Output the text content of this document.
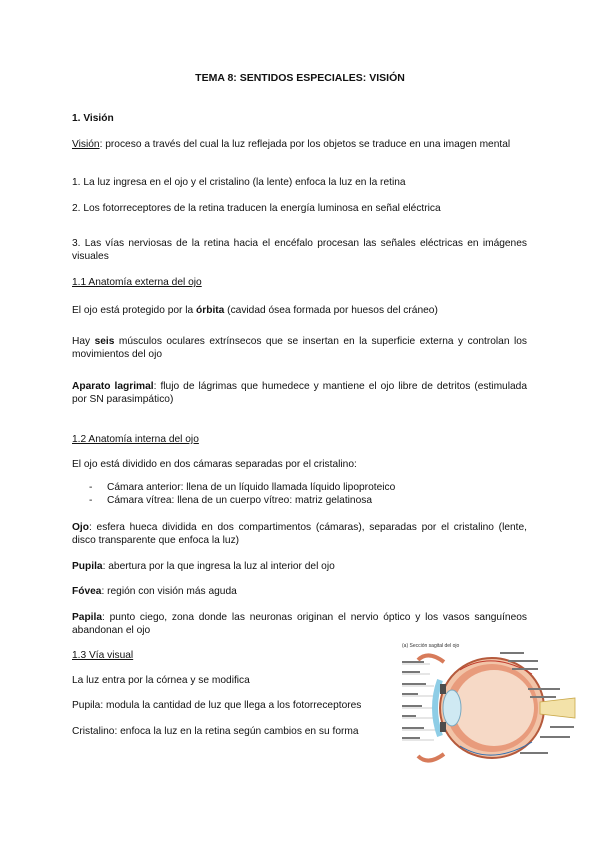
TEMA 8: SENTIDOS ESPECIALES: VISIÓN
1. Visión
Visión: proceso a través del cual la luz reflejada por los objetos se traduce en una imagen mental
1. La luz ingresa en el ojo y el cristalino (la lente) enfoca la luz en la retina
2. Los fotorreceptores de la retina traducen la energía luminosa en señal eléctrica
3. Las vías nerviosas de la retina hacia el encéfalo procesan las señales eléctricas en imágenes visuales
1.1 Anatomía externa del ojo
El ojo está protegido por la órbita (cavidad ósea formada por huesos del cráneo)
Hay seis músculos oculares extrínsecos que se insertan en la superficie externa y controlan los movimientos del ojo
Aparato lagrimal: flujo de lágrimas que humedece y mantiene el ojo libre de detritos (estimulada por SN parasimpático)
1.2 Anatomía interna del ojo
El ojo está dividido en dos cámaras separadas por el cristalino:
- Cámara anterior: llena de un líquido llamada líquido lipoproteico
- Cámara vítrea: llena de un cuerpo vítreo: matriz gelatinosa
Ojo: esfera hueca dividida en dos compartimentos (cámaras), separadas por el cristalino (lente, disco transparente que enfoca la luz)
Pupila: abertura por la que ingresa la luz al interior del ojo
Fóvea: región con visión más aguda
Papila: punto ciego, zona donde las neuronas originan el nervio óptico y los vasos sanguíneos abandonan el ojo
1.3 Vía visual
La luz entra por la córnea y se modifica
Pupila: modula la cantidad de luz que llega a los fotorreceptores
Cristalino: enfoca la luz en la retina según cambios en su forma
(a) Sección sagital del ojo
